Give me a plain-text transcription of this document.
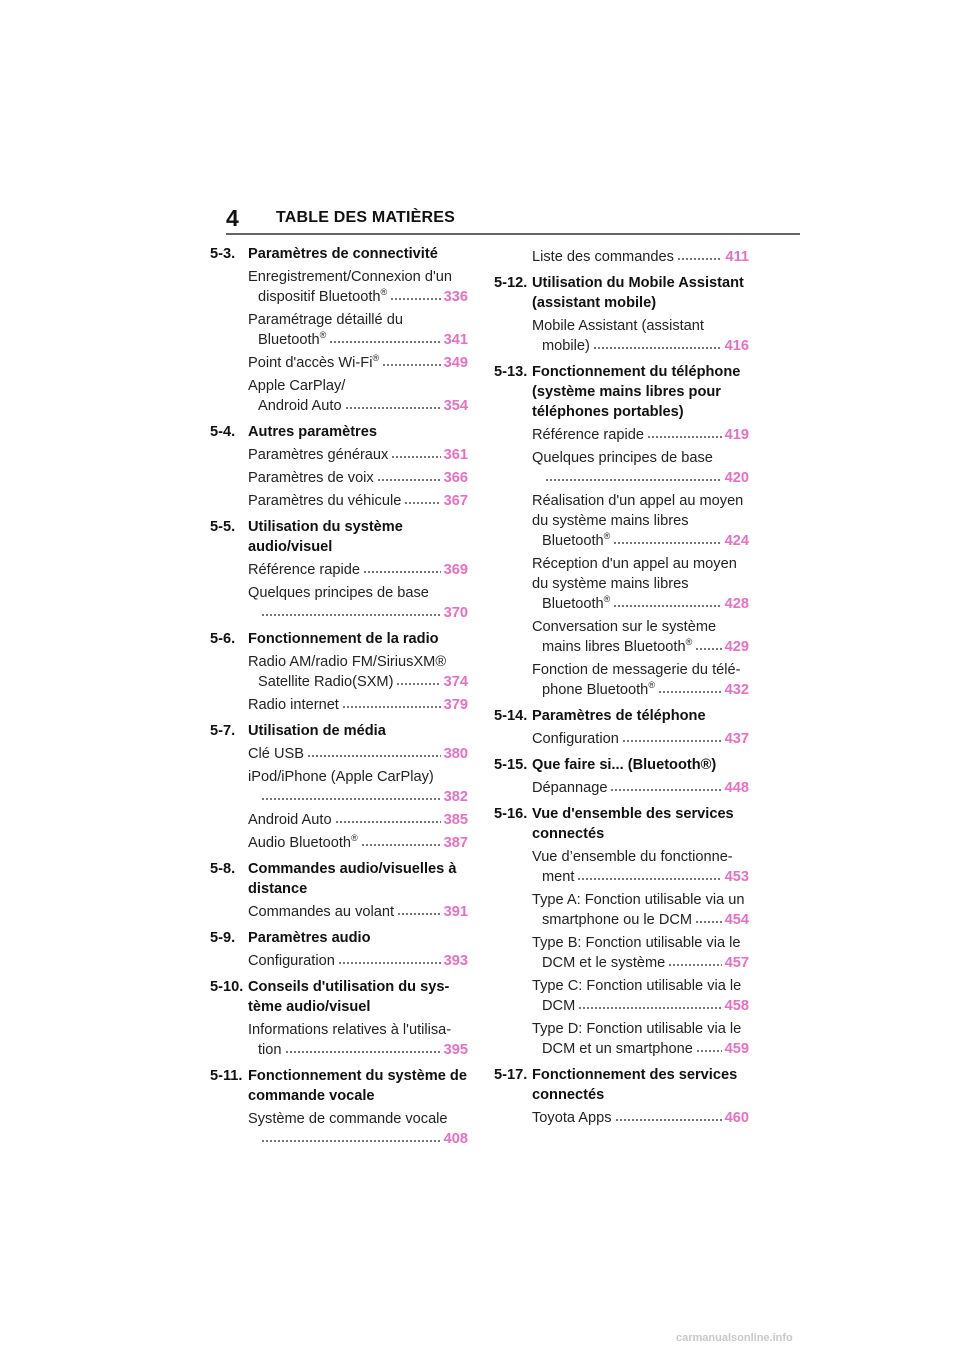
4 TABLE DES MATIÈRES
5-3. Paramètres de connectivité
Enregistrement/Connexion d'un
dispositif Bluetooth®	336
Paramétrage détaillé du
Bluetooth®	341
Point d'accès Wi-Fi®	349
Apple CarPlay/
Android Auto	354
5-4. Autres paramètres
Paramètres généraux	361
Paramètres de voix	366
Paramètres du véhicule	367
5-5. Utilisation du système audio/visuel
Référence rapide	369
Quelques principes de base
370
5-6. Fonctionnement de la radio
Radio AM/radio FM/SiriusXM®
Satellite Radio(SXM)	374
Radio internet	379
5-7. Utilisation de média
Clé USB	380
iPod/iPhone (Apple CarPlay)
382
Android Auto	385
Audio Bluetooth®	387
5-8. Commandes audio/visuelles à distance
Commandes au volant	391
5-9. Paramètres audio
Configuration	393
5-10. Conseils d'utilisation du sys-tème audio/visuel
Informations relatives à l'utilisa-
tion	395
5-11. Fonctionnement du système de commande vocale
Système de commande vocale
408
Liste des commandes	411
5-12. Utilisation du Mobile Assistant (assistant mobile)
Mobile Assistant (assistant
mobile)	416
5-13. Fonctionnement du téléphone (système mains libres pour téléphones portables)
Référence rapide	419
Quelques principes de base
420
Réalisation d'un appel au moyen du système mains libres
Bluetooth®	424
Réception d'un appel au moyen du système mains libres
Bluetooth®	428
Conversation sur le système
mains libres Bluetooth® 429
Fonction de messagerie du télé-
phone Bluetooth®	432
5-14. Paramètres de téléphone
Configuration	437
5-15. Que faire si... (Bluetooth®)
Dépannage	448
5-16. Vue d'ensemble des services connectés
Vue d’ensemble du fonctionne-
ment	453
Type A: Fonction utilisable via un
smartphone ou le DCM 454
Type B: Fonction utilisable via le
DCM et le système	457
Type C: Fonction utilisable via le
DCM	458
Type D: Fonction utilisable via le
DCM et un smartphone 459
5-17. Fonctionnement des services connectés
Toyota Apps	460
carmanualsonline.info
